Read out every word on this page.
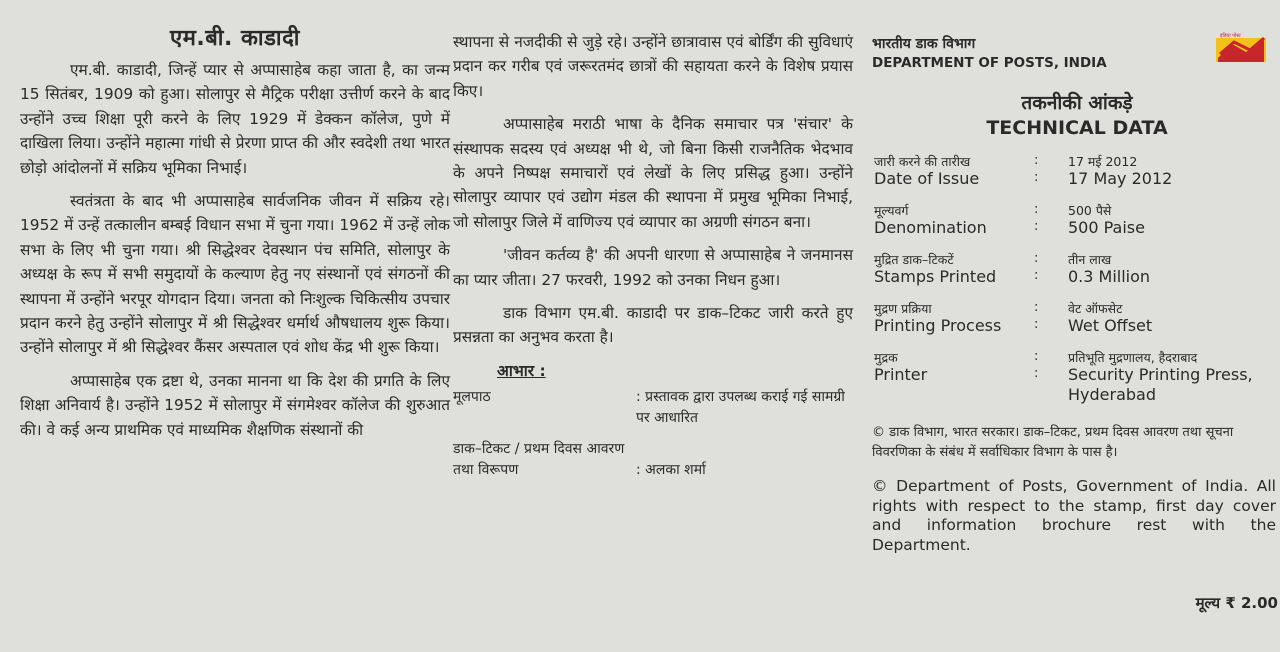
एम.बी. काडादी

एम.बी. काडादी, जिन्हें प्यार से अप्पासाहेब कहा जाता है, का जन्म 15 सितंबर, 1909 को हुआ। सोलापुर से मैट्रिक परीक्षा उत्तीर्ण करने के बाद उन्होंने उच्च शिक्षा पूरी करने के लिए 1929 में डेक्कन कॉलेज, पुणे में दाखिला लिया। उन्होंने महात्मा गांधी से प्रेरणा प्राप्त की और स्वदेशी तथा भारत छोड़ो आंदोलनों में सक्रिय भूमिका निभाई।

स्वतंत्रता के बाद भी अप्पासाहेब सार्वजनिक जीवन में सक्रिय रहे। 1952 में उन्हें तत्कालीन बम्बई विधान सभा में चुना गया। 1962 में उन्हें लोक सभा के लिए भी चुना गया। श्री सिद्धेश्वर देवस्थान पंच समिति, सोलापुर के अध्यक्ष के रूप में सभी समुदायों के कल्याण हेतु नए संस्थानों एवं संगठनों की स्थापना में उन्होंने भरपूर योगदान दिया। जनता को निःशुल्क चिकित्सीय उपचार प्रदान करने हेतु उन्होंने सोलापुर में श्री सिद्धेश्वर धर्मार्थ औषधालय शुरू किया। उन्होंने सोलापुर में श्री सिद्धेश्वर कैंसर अस्पताल एवं शोध केंद्र भी शुरू किया।

अप्पासाहेब एक द्रष्टा थे, उनका मानना था कि देश की प्रगति के लिए शिक्षा अनिवार्य है। उन्होंने 1952 में सोलापुर में संगमेश्वर कॉलेज की शुरुआत की। वे कई अन्य प्राथमिक एवं माध्यमिक शैक्षणिक संस्थानों की

स्थापना से नजदीकी से जुड़े रहे। उन्होंने छात्रावास एवं बोर्डिंग की सुविधाएं प्रदान कर गरीब एवं जरूरतमंद छात्रों की सहायता करने के विशेष प्रयास किए।

अप्पासाहेब मराठी भाषा के दैनिक समाचार पत्र 'संचार' के संस्थापक सदस्य एवं अध्यक्ष भी थे, जो बिना किसी राजनैतिक भेदभाव के अपने निष्पक्ष समाचारों एवं लेखों के लिए प्रसिद्ध हुआ। उन्होंने सोलापुर व्यापार एवं उद्योग मंडल की स्थापना में प्रमुख भूमिका निभाई, जो सोलापुर जिले में वाणिज्य एवं व्यापार का अग्रणी संगठन बना।

'जीवन कर्तव्य है' की अपनी धारणा से अप्पासाहेब ने जनमानस का प्यार जीता। 27 फरवरी, 1992 को उनका निधन हुआ।

डाक विभाग एम.बी. काडादी पर डाक–टिकट जारी करते हुए प्रसन्नता का अनुभव करता है।

आभार :
मूलपाठ	: प्रस्तावक द्वारा उपलब्ध कराई गई सामग्री पर आधारित
डाक–टिकट / प्रथम दिवस आवरण तथा विरूपण	: अलका शर्मा
भारतीय डाक विभाग
DEPARTMENT OF POSTS, INDIA
तकनीकी आंकड़े
TECHNICAL DATA
जारी करने की तारीख
Date of Issue
:
:
17 मई 2012
17 May 2012
मूल्यवर्ग
Denomination
:
:
500 पैसे
500 Paise
मुद्रित डाक–टिकटें
Stamps Printed
:
:
तीन लाख
0.3 Million
मुद्रण प्रक्रिया
Printing Process
:
:
वेट ऑफसेट
Wet Offset
मुद्रक
Printer
:
:
प्रतिभूति मुद्रणालय, हैदराबाद
Security Printing Press, Hyderabad
© डाक विभाग, भारत सरकार। डाक–टिकट, प्रथम दिवस आवरण तथा सूचना विवरणिका के संबंध में सर्वाधिकार विभाग के पास है।
© Department of Posts, Government of India. All rights with respect to the stamp, first day cover and information brochure rest with the Department.
इंडिया पोस्ट
मूल्य ₹ 2.00
